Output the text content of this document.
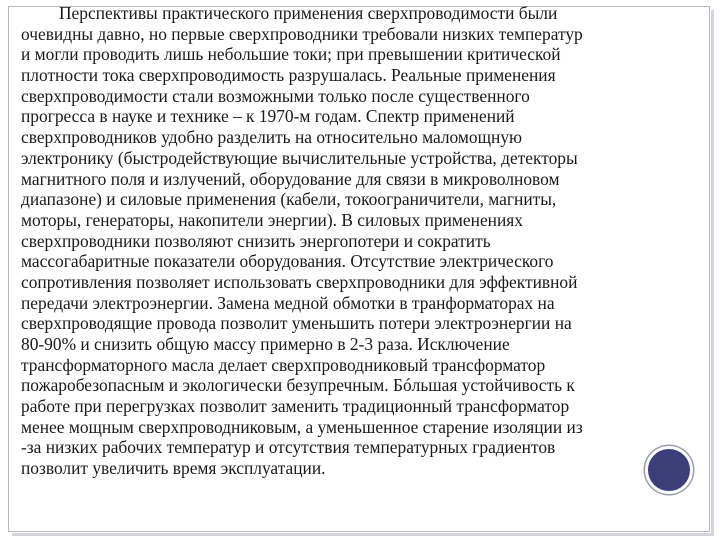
Перспективы практического применения сверхпроводимости были
очевидны давно, но первые сверхпроводники требовали низких температур
и могли проводить лишь небольшие токи; при превышении критической
плотности тока сверхпроводимость разрушалась. Реальные применения
сверхпроводимости стали возможными только после существенного
прогресса в науке и технике – к 1970-м годам. Спектр применений
сверхпроводников удобно разделить на относительно маломощную
электронику (быстродействующие вычислительные устройства, детекторы
магнитного поля и излучений, оборудование для связи в микроволновом
диапазоне) и силовые применения (кабели, токоограничители, магниты,
моторы, генераторы, накопители энергии). В силовых применениях
сверхпроводники позволяют снизить энергопотери и сократить
массогабаритные показатели оборудования. Отсутствие электрического
сопротивления позволяет использовать сверхпроводники для эффективной
передачи электроэнергии. Замена медной обмотки в транформаторах на
сверхпроводящие провода позволит уменьшить потери электроэнергии на
80-90% и снизить общую массу примерно в 2-3 раза. Исключение
трансформаторного масла делает сверхпроводниковый трансформатор
пожаробезопасным и экологически безупречным. Бóльшая устойчивость к
работе при перегрузках позволит заменить традиционный трансформатор
менее мощным сверхпроводниковым, а уменьшенное старение изоляции из
-за низких рабочих температур и отсутствия температурных градиентов
позволит увеличить время эксплуатации.
